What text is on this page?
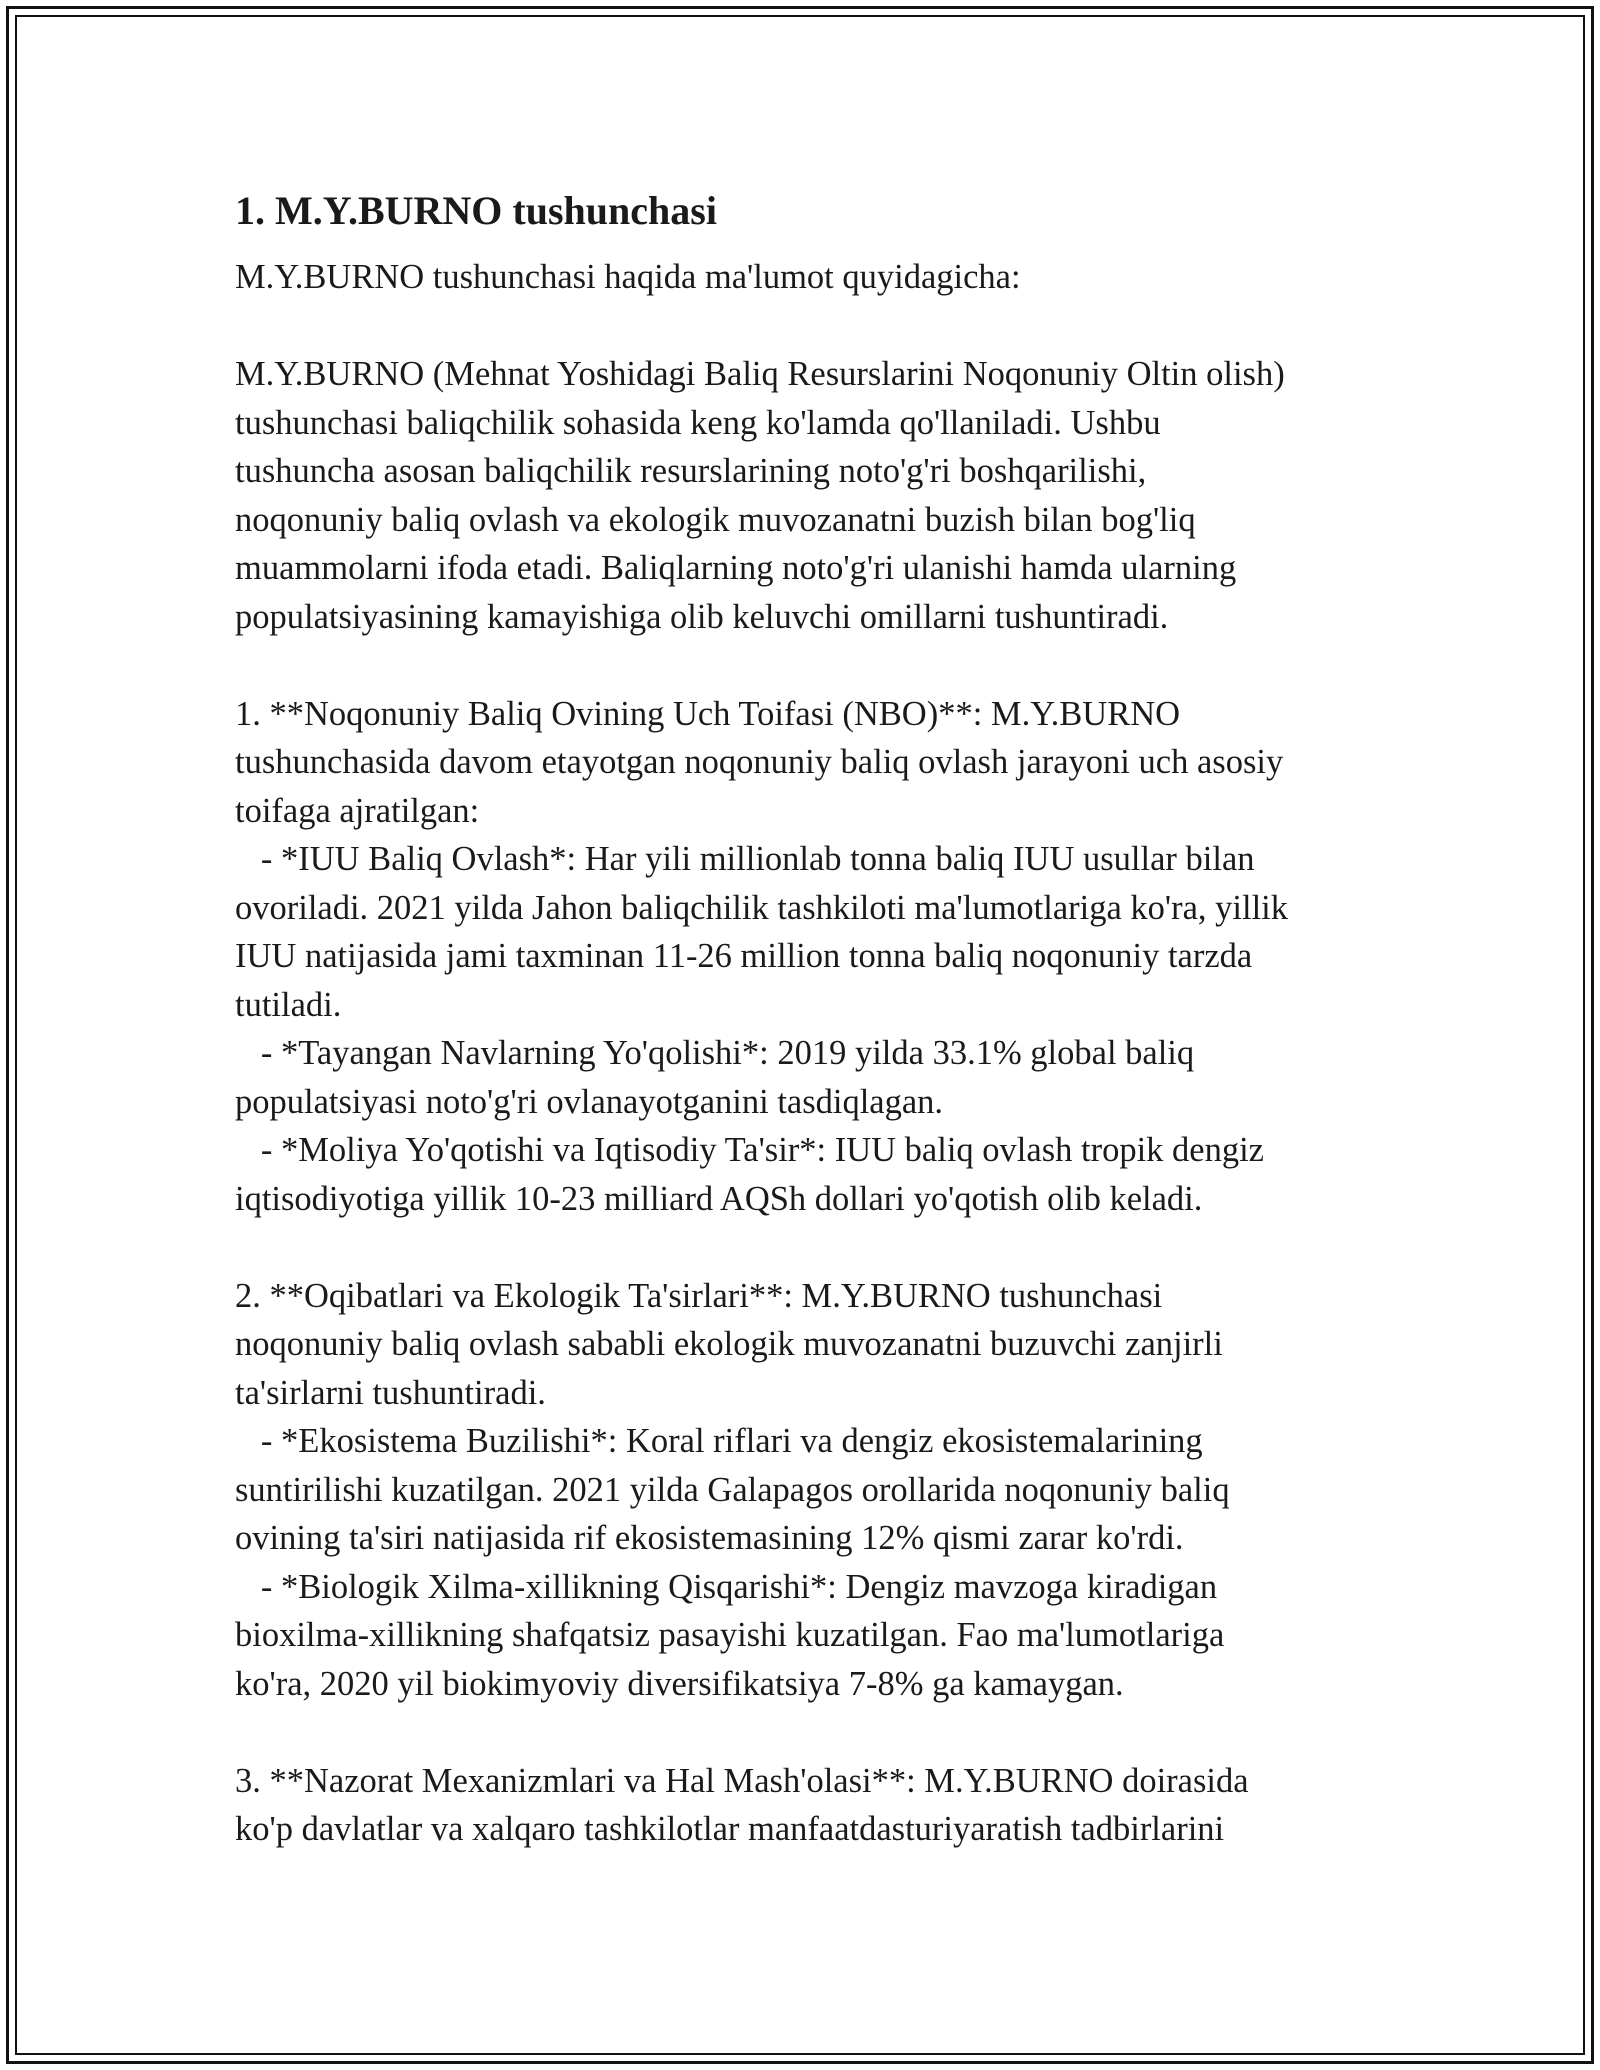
1. M.Y.BURNO tushunchasi
M.Y.BURNO tushunchasi haqida ma'lumot quyidagicha:
M.Y.BURNO (Mehnat Yoshidagi Baliq Resurslarini Noqonuniy Oltin olish)
tushunchasi baliqchilik sohasida keng ko'lamda qo'llaniladi. Ushbu
tushuncha asosan baliqchilik resurslarining noto'g'ri boshqarilishi,
noqonuniy baliq ovlash va ekologik muvozanatni buzish bilan bog'liq
muammolarni ifoda etadi. Baliqlarning noto'g'ri ulanishi hamda ularning
populatsiyasining kamayishiga olib keluvchi omillarni tushuntiradi.
1. **Noqonuniy Baliq Ovining Uch Toifasi (NBO)**: M.Y.BURNO
tushunchasida davom etayotgan noqonuniy baliq ovlash jarayoni uch asosiy
toifaga ajratilgan:
- *IUU Baliq Ovlash*: Har yili millionlab tonna baliq IUU usullar bilan
ovoriladi. 2021 yilda Jahon baliqchilik tashkiloti ma'lumotlariga ko'ra, yillik
IUU natijasida jami taxminan 11-26 million tonna baliq noqonuniy tarzda
tutiladi.
- *Tayangan Navlarning Yo'qolishi*: 2019 yilda 33.1% global baliq
populatsiyasi noto'g'ri ovlanayotganini tasdiqlagan.
- *Moliya Yo'qotishi va Iqtisodiy Ta'sir*: IUU baliq ovlash tropik dengiz
iqtisodiyotiga yillik 10-23 milliard AQSh dollari yo'qotish olib keladi.
2. **Oqibatlari va Ekologik Ta'sirlari**: M.Y.BURNO tushunchasi
noqonuniy baliq ovlash sababli ekologik muvozanatni buzuvchi zanjirli
ta'sirlarni tushuntiradi.
- *Ekosistema Buzilishi*: Koral riflari va dengiz ekosistemalarining
suntirilishi kuzatilgan. 2021 yilda Galapagos orollarida noqonuniy baliq
ovining ta'siri natijasida rif ekosistemasining 12% qismi zarar ko'rdi.
- *Biologik Xilma-xillikning Qisqarishi*: Dengiz mavzoga kiradigan
bioxilma-xillikning shafqatsiz pasayishi kuzatilgan. Fao ma'lumotlariga
ko'ra, 2020 yil biokimyoviy diversifikatsiya 7-8% ga kamaygan.
3. **Nazorat Mexanizmlari va Hal Mash'olasi**: M.Y.BURNO doirasida
ko'p davlatlar va xalqaro tashkilotlar manfaatdasturiyaratish tadbirlarini
